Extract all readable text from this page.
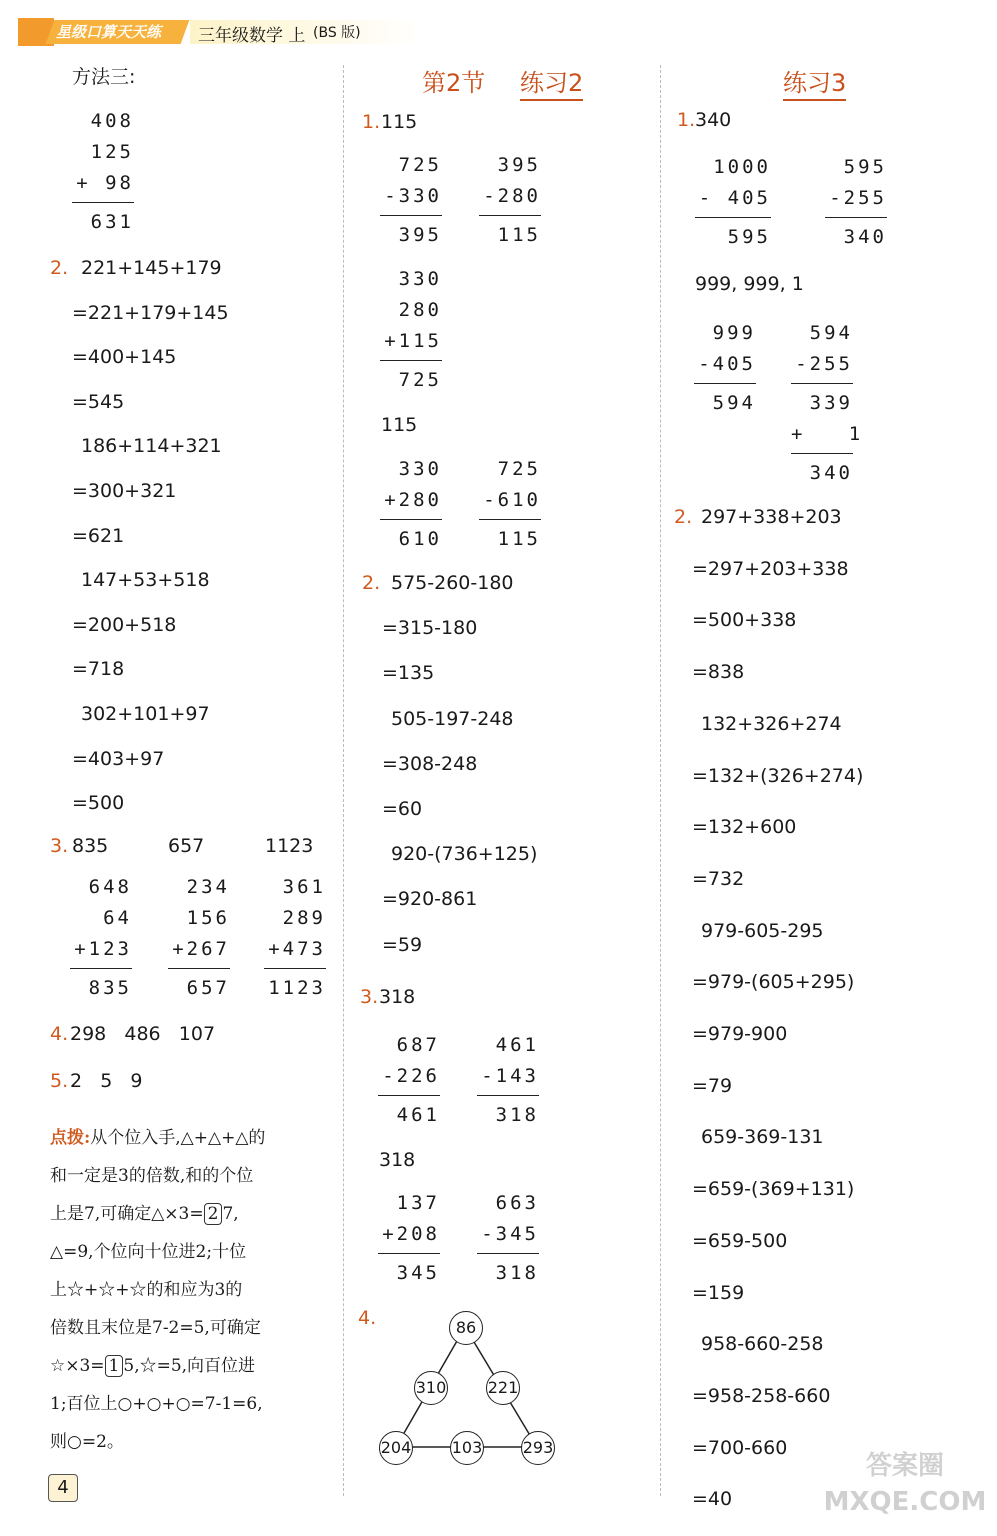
星级口算天天练 三年级数学 上 (BS 版)
方法三:
408
125
+ 98
631
2. 221+145+179
=221+179+145
=400+145
=545
186+114+321
=300+321
=621
147+53+518
=200+518
=718
302+101+97
=403+97
=500
3. 835	657	1123
648
64
+123
835
234
156
+267
657
361
289
+473
1123
4. 298   486   107
5. 2   5   9
点拨:从个位入手,△+△+△的
和一定是3的倍数,和的个位
上是7,可确定△×3= 2 7,
△=9,个位向十位进2;十位
上☆+☆+☆的和应为3的
倍数且末位是7-2=5,可确定
☆×3= 1 5,☆=5,向百位进
1;百位上○+○+○=7-1=6,
则○=2。
4
第2节 练习2
1. 115
725
-330
395
395
-280
115
330
280
+115
725
115
330
+280
610
725
-610
115
2. 575-260-180
=315-180
=135
505-197-248
=308-248
=60
920-(736+125)
=920-861
=59
3. 318
687
-226
461
461
-143
318
318
137
+208
345
663
-345
318
4.	86
310	221
204	103	293
练习3
1. 340
1000
- 405
595
595
-255
340
999, 999, 1
999
-405
594
594
-255
339
+   1
340
2. 297+338+203
=297+203+338
=500+338
=838
132+326+274
=132+(326+274)
=132+600
=732
979-605-295
=979-(605+295)
=979-900
=79
659-369-131
=659-(369+131)
=659-500
=159
958-660-258
=958-258-660
=700-660
=40
答案圈 MXQE.COM
